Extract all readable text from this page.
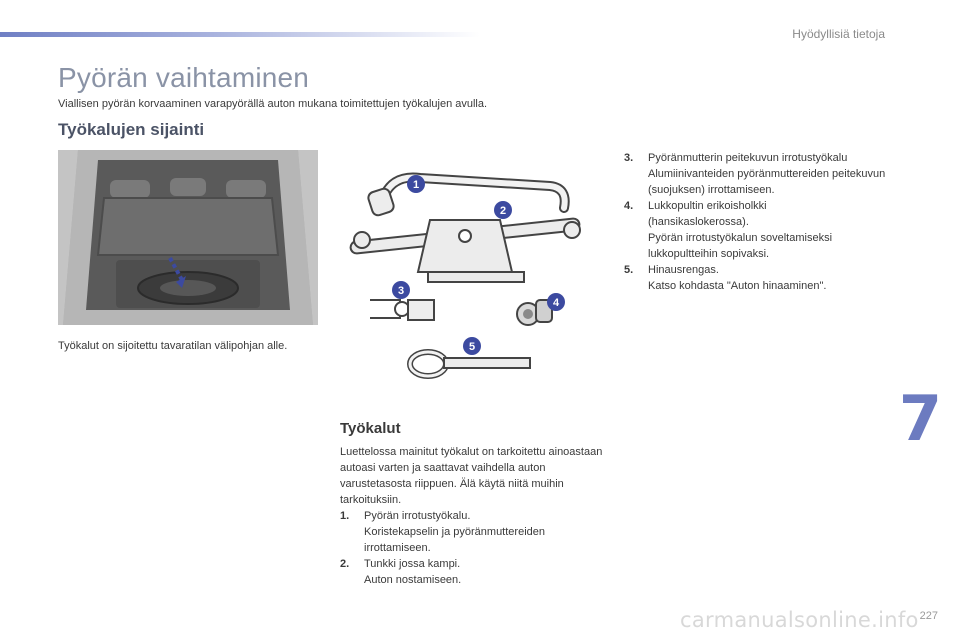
Hyödyllisiä tietoja
Pyörän vaihtaminen
Viallisen pyörän korvaaminen varapyörällä auton mukana toimitettujen työkalujen avulla.
Työkalujen sijainti
Työkalut on sijoitettu tavaratilan välipohjan alle.
1
2
3
4
5
3.	Pyöränmutterin peitekuvun irrotustyökalu
Alumiinivanteiden pyöränmuttereiden peitekuvun (suojuksen) irrottamiseen.
4.	Lukkopultin erikoisholkki
(hansikaslokerossa).
Pyörän irrotustyökalun soveltamiseksi lukkopultteihin sopivaksi.
5.	Hinausrengas.
Katso kohdasta "Auton hinaaminen".
Työkalut

Luettelossa mainitut työkalut on tarkoitettu ainoastaan autoasi varten ja saattavat vaihdella auton varustetasosta riippuen. Älä käytä niitä muihin tarkoituksiin.

1.	Pyörän irrotustyökalu.
Koristekapselin ja pyöränmuttereiden irrottamiseen.
2.	Tunkki jossa kampi.
Auton nostamiseen.
7
227
carmanualsonline.info
